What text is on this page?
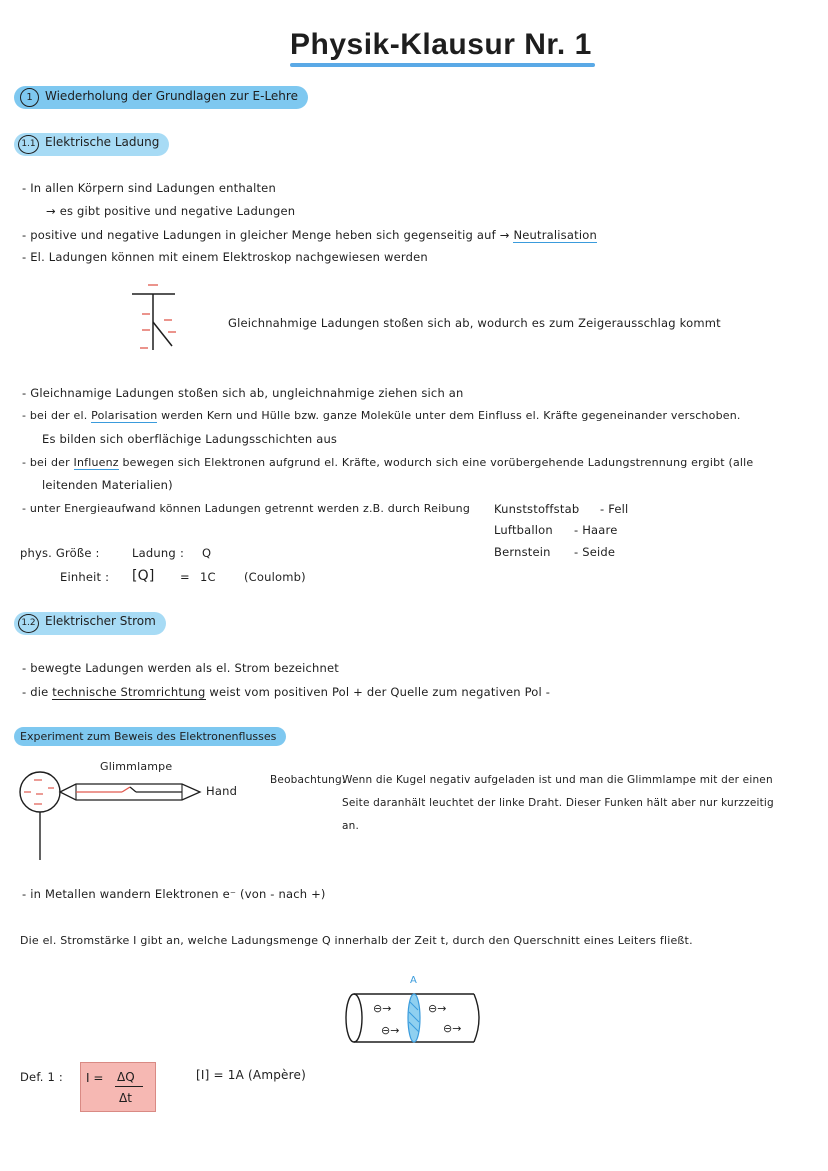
Physik-Klausur Nr. 1
1 Wiederholung der Grundlagen zur E-Lehre
1.1 Elektrische Ladung
- In allen Körpern sind Ladungen enthalten
→ es gibt positive und negative Ladungen
- positive und negative Ladungen in gleicher Menge heben sich gegenseitig auf → Neutralisation
- El. Ladungen können mit einem Elektroskop nachgewiesen werden
Gleichnahmige Ladungen stoßen sich ab, wodurch es zum Zeigerausschlag kommt
- Gleichnamige Ladungen stoßen sich ab, ungleichnahmige ziehen sich an
- bei der el. Polarisation werden Kern und Hülle bzw. ganze Moleküle unter dem Einfluss el. Kräfte gegeneinander verschoben.
Es bilden sich oberflächige Ladungsschichten aus
- bei der Influenz bewegen sich Elektronen aufgrund el. Kräfte, wodurch sich eine vorübergehende Ladungstrennung ergibt (alle
leitenden Materialien)
- unter Energieaufwand können Ladungen getrennt werden z.B. durch Reibung Kunststoffstab - Fell
Luftballon - Haare
Bernstein - Seide
phys. Größe :	Ladung : Q
Einheit : [Q] = 1C (Coulomb)
1.2 Elektrischer Strom
- bewegte Ladungen werden als el. Strom bezeichnet
- die technische Stromrichtung weist vom positiven Pol + der Quelle zum negativen Pol -
Experiment zum Beweis des Elektronenflusses
Glimmlampe
Hand
Beobachtung:
Wenn die Kugel negativ aufgeladen ist und man die Glimmlampe mit der einen
Seite daranhält leuchtet der linke Draht. Dieser Funken hält aber nur kurzzeitig
an.
- in Metallen wandern Elektronen e⁻ (von - nach +)
Die el. Stromstärke I gibt an, welche Ladungsmenge Q innerhalb der Zeit t, durch den Querschnitt eines Leiters fließt.
A
⊖→
⊖→
⊖→
⊖→
Def. 1 : I = ΔQ
Δt
[I] = 1A (Ampère)
